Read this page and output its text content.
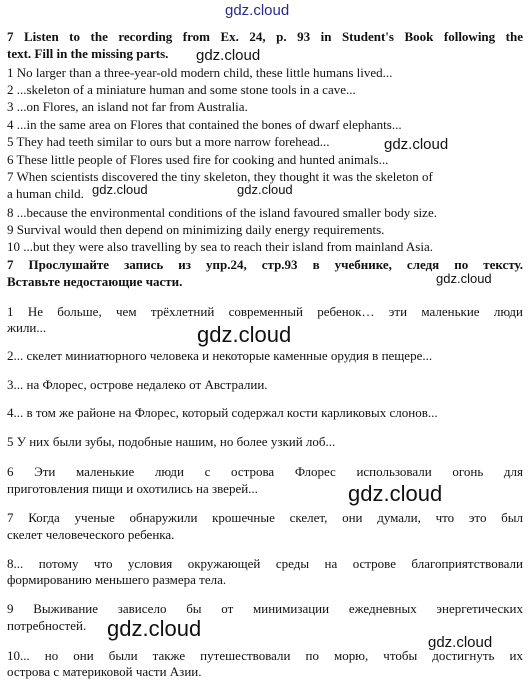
gdz.cloud
gdz.cloud
gdz.cloud
gdz.cloud	gdz.cloud
gdz.cloud
gdz.cloud
gdz.cloud
gdz.cloud
gdz.cloud
7 Listen to the recording from Ex. 24, p. 93 in Student's Book following the
text. Fill in the missing parts.
1 No larger than a three-year-old modern child, these little humans lived...
2 ...skeleton of a miniature human and some stone tools in a cave...
3 ...on Flores, an island not far from Australia.
4 ...in the same area on Flores that contained the bones of dwarf elephants...
5 They had teeth similar to ours but a more narrow forehead...
6 These little people of Flores used fire for cooking and hunted animals...
7 When scientists discovered the tiny skeleton, they thought it was the skeleton of
a human child.
8 ...because the environmental conditions of the island favoured smaller body size.
9 Survival would then depend on minimizing daily energy requirements.
10 ...but they were also travelling by sea to reach their island from mainland Asia.
7 Прослушайте запись из упр.24, стр.93 в учебнике, следя по тексту.
Вставьте недостающие части.
1 Не больше, чем трёхлетний современный ребенок… эти маленькие люди
жили...
2... скелет миниатюрного человека и некоторые каменные орудия в пещере...
3... на Флорес, острове недалеко от Австралии.
4... в том же районе на Флорес, который содержал кости карликовых слонов...
5 У них были зубы, подобные нашим, но более узкий лоб...
6 Эти маленькие люди с острова Флорес использовали огонь для
приготовления пищи и охотились на зверей...
7 Когда ученые обнаружили крошечные скелет, они думали, что это был
скелет человеческого ребенка.
8... потому что условия окружающей среды на острове благоприятствовали
формированию меньшего размера тела.
9 Выживание зависело бы от минимизации ежедневных энергетических
потребностей.
10... но они были также путешествовали по морю, чтобы достигнуть их
острова с материковой части Азии.
